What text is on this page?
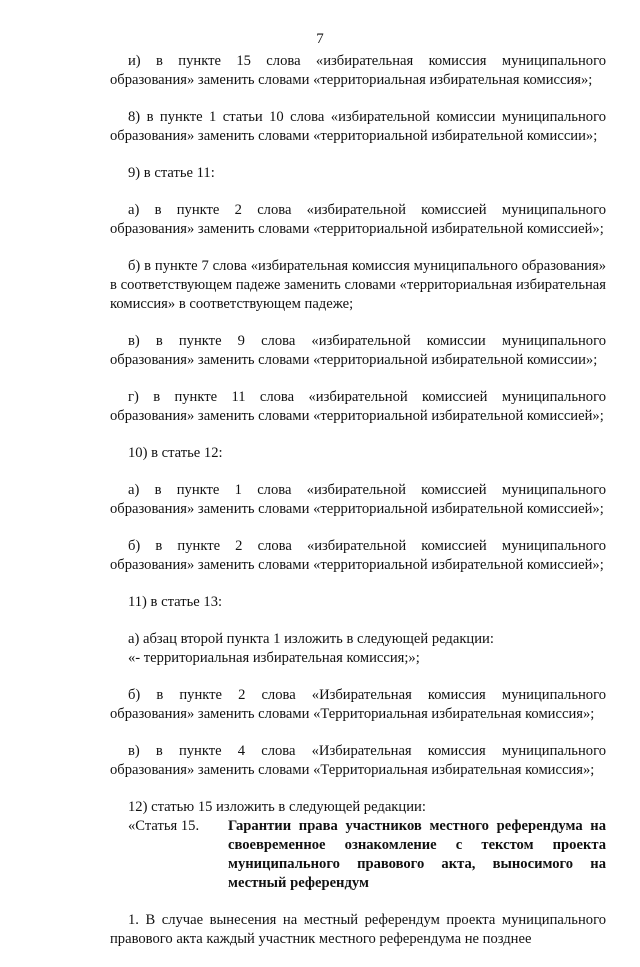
7

и) в пункте 15 слова «избирательная комиссия муниципального образования» заменить словами «территориальная избирательная комиссия»;

8) в пункте 1 статьи 10 слова «избирательной комиссии муниципального образования» заменить словами «территориальной избирательной комиссии»;

9) в статье 11:

а) в пункте 2 слова «избирательной комиссией муниципального образования» заменить словами «территориальной избирательной комиссией»;

б) в пункте 7 слова «избирательная комиссия муниципального образования» в соответствующем падеже заменить словами «территориальная избирательная комиссия» в соответствующем падеже;

в) в пункте 9 слова «избирательной комиссии муниципального образования» заменить словами «территориальной избирательной комиссии»;

г) в пункте 11 слова «избирательной комиссией муниципального образования» заменить словами «территориальной избирательной комиссией»;

10) в статье 12:

а) в пункте 1 слова «избирательной комиссией муниципального образования» заменить словами «территориальной избирательной комиссией»;

б) в пункте 2 слова «избирательной комиссией муниципального образования» заменить словами «территориальной избирательной комиссией»;

11) в статье 13:

а) абзац второй пункта 1 изложить в следующей редакции:

«- территориальная избирательная комиссия;»;

б) в пункте 2 слова «Избирательная комиссия муниципального образования» заменить словами «Территориальная избирательная комиссия»;

в) в пункте 4 слова «Избирательная комиссия муниципального образования» заменить словами «Территориальная избирательная комиссия»;

12) статью 15 изложить в следующей редакции:

«Статья 15.	Гарантии права участников местного референдума на своевременное ознакомление с текстом проекта муниципального правового акта, выносимого на местный референдум

1. В случае вынесения на местный референдум проекта муниципального правового акта каждый участник местного референдума не позднее
